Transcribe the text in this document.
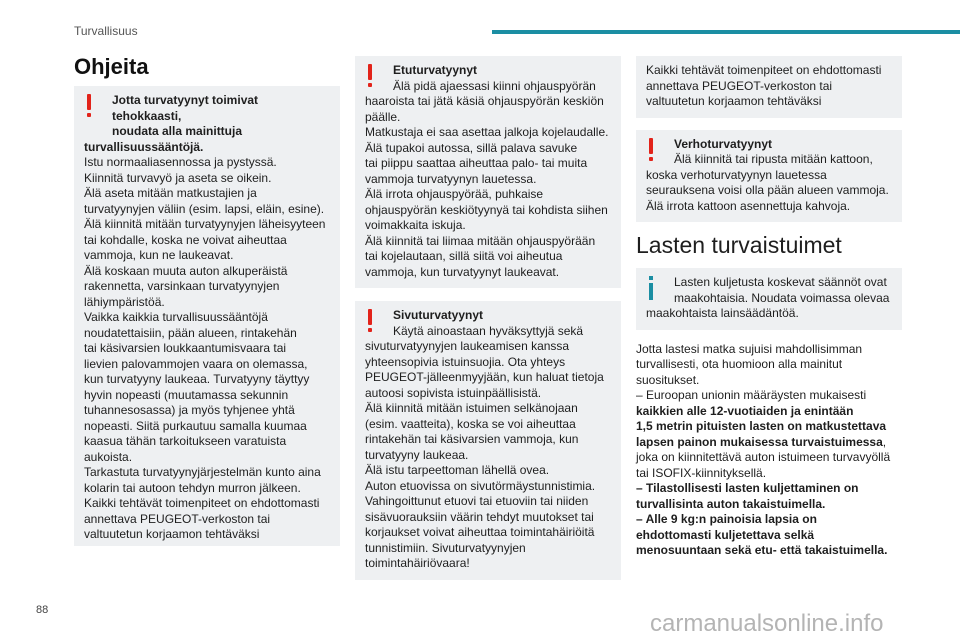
Turvallisuus
Ohjeita

Jotta turvatyynyt toimivat tehokkaasti,

noudata alla mainittuja

turvallisuussääntöjä.

Istu normaaliasennossa ja pystyssä.

Kiinnitä turvavyö ja aseta se oikein.

Älä aseta mitään matkustajien ja

turvatyynyjen väliin (esim. lapsi, eläin, esine).

Älä kiinnitä mitään turvatyynyjen läheisyyteen

tai kohdalle, koska ne voivat aiheuttaa

vammoja, kun ne laukeavat.

Älä koskaan muuta auton alkuperäistä

rakennetta, varsinkaan turvatyynyjen

lähiympäristöä.

Vaikka kaikkia turvallisuussääntöjä

noudatettaisiin, pään alueen, rintakehän

tai käsivarsien loukkaantumisvaara tai

lievien palovammojen vaara on olemassa,

kun turvatyyny laukeaa. Turvatyyny täyttyy

hyvin nopeasti (muutamassa sekunnin

tuhannesosassa) ja myös tyhjenee yhtä

nopeasti. Siitä purkautuu samalla kuumaa

kaasua tähän tarkoitukseen varatuista

aukoista.

Tarkastuta turvatyynyjärjestelmän kunto aina

kolarin tai autoon tehdyn murron jälkeen.

Kaikki tehtävät toimenpiteet on ehdottomasti

annettava PEUGEOT-verkoston tai

valtuutetun korjaamon tehtäväksi

Etuturvatyynyt

Älä pidä ajaessasi kiinni ohjauspyörän

haaroista tai jätä käsiä ohjauspyörän keskiön

päälle.

Matkustaja ei saa asettaa jalkoja kojelaudalle.

Älä tupakoi autossa, sillä palava savuke

tai piippu saattaa aiheuttaa palo- tai muita

vammoja turvatyynyn lauetessa.

Älä irrota ohjauspyörää, puhkaise

ohjauspyörän keskiötyynyä tai kohdista siihen

voimakkaita iskuja.

Älä kiinnitä tai liimaa mitään ohjauspyörään

tai kojelautaan, sillä siitä voi aiheutua

vammoja, kun turvatyynyt laukeavat.

Sivuturvatyynyt

Käytä ainoastaan hyväksyttyjä sekä

sivuturvatyynyjen laukeamisen kanssa

yhteensopivia istuinsuojia. Ota yhteys

PEUGEOT-jälleenmyyjään, kun haluat tietoja

autoosi sopivista istuinpäällisistä.

Älä kiinnitä mitään istuimen selkänojaan

(esim. vaatteita), koska se voi aiheuttaa

rintakehän tai käsivarsien vammoja, kun

turvatyyny laukeaa.

Älä istu tarpeettoman lähellä ovea.

Auton etuovissa on sivutörmäystunnistimia.

Vahingoittunut etuovi tai etuoviin tai niiden

sisävuorauksiin väärin tehdyt muutokset tai

korjaukset voivat aiheuttaa toimintahäiriöitä

tunnistimiin. Sivuturvatyynyjen

toimintahäiriövaara!

Kaikki tehtävät toimenpiteet on ehdottomasti

annettava PEUGEOT-verkoston tai

valtuutetun korjaamon tehtäväksi

Verhoturvatyynyt

Älä kiinnitä tai ripusta mitään kattoon,

koska verhoturvatyynyn lauetessa

seurauksena voisi olla pään alueen vammoja.

Älä irrota kattoon asennettuja kahvoja.

Lasten turvaistuimet

Lasten kuljetusta koskevat säännöt ovat

maakohtaisia. Noudata voimassa olevaa

maakohtaista lainsäädäntöä.

Jotta lastesi matka sujuisi mahdollisimman

turvallisesti, ota huomioon alla mainitut

suositukset.

– Euroopan unionin määräysten mukaisesti

kaikkien alle 12-vuotiaiden ja enintään

1,5 metrin pituisten lasten on matkustettava

lapsen painon mukaisessa turvaistuimessa,

joka on kiinnitettävä auton istuimeen turvavyöllä

tai ISOFIX-kiinnityksellä.

– Tilastollisesti lasten kuljettaminen on

turvallisinta auton takaistuimella.

– Alle 9 kg:n painoisia lapsia on

ehdottomasti kuljetettava selkä

menosuuntaan sekä etu- että takaistuimella.

88	carmanualsonline.info
